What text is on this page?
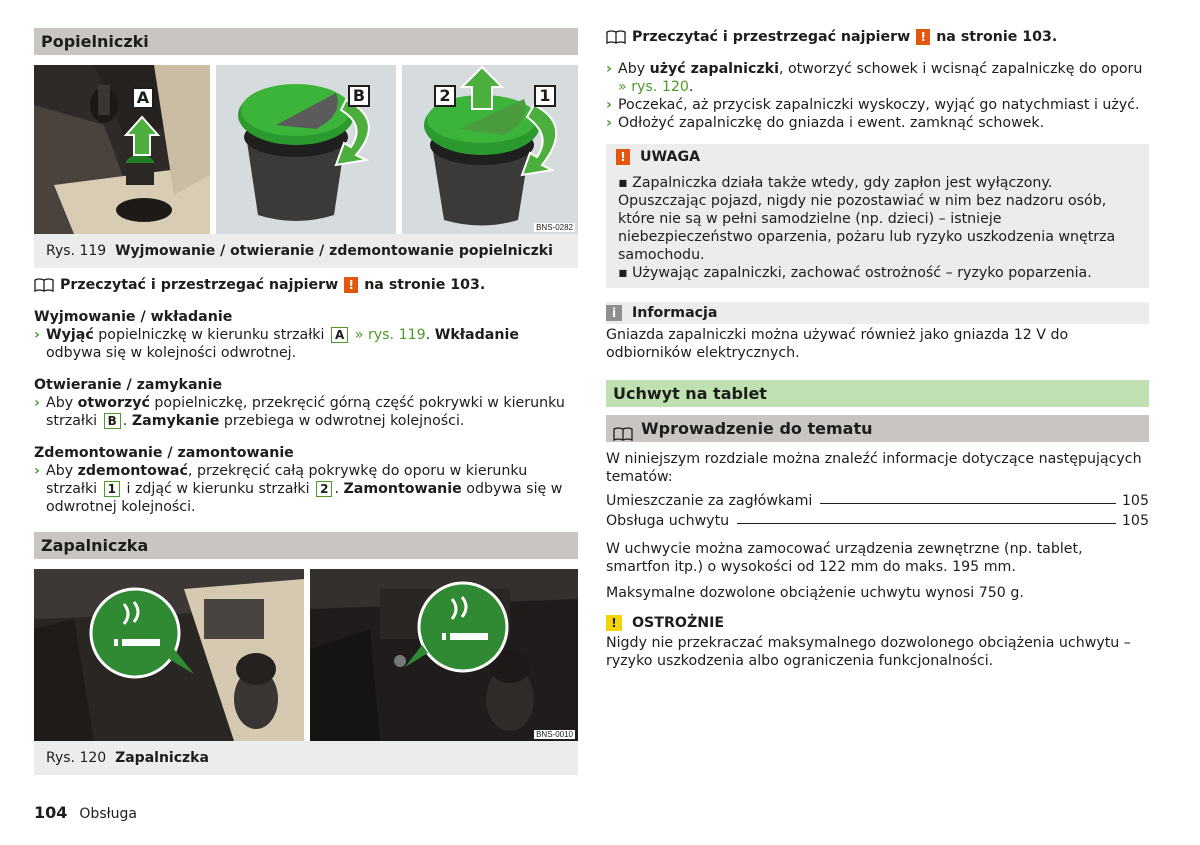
Popielniczki
A	B	2	1
BNS-0282
Rys. 119 Wyjmowanie / otwieranie / zdemontowanie popielniczki
Przeczytać i przestrzegać najpierw ! na stronie 103.
Wyjmowanie / wkładanie
› Wyjąć popielniczkę w kierunku strzałki A » rys. 119. Wkładanie odbywa się w kolejności odwrotnej.
Otwieranie / zamykanie
› Aby otworzyć popielniczkę, przekręcić górną część pokrywki w kierunku strzałki B . Zamykanie przebiega w odwrotnej kolejności.
Zdemontowanie / zamontowanie
› Aby zdemontować, przekręcić całą pokrywkę do oporu w kierunku strzałki 1 i zdjąć w kierunku strzałki 2 . Zamontowanie odbywa się w odwrotnej kolejności.
Zapalniczka
BNS-0010
Rys. 120 Zapalniczka
Przeczytać i przestrzegać najpierw ! na stronie 103.
› Aby użyć zapalniczki, otworzyć schowek i wcisnąć zapalniczkę do oporu » rys. 120.
› Poczekać, aż przycisk zapalniczki wyskoczy, wyjąć go natychmiast i użyć.
› Odłożyć zapalniczkę do gniazda i ewent. zamknąć schowek.
!	UWAGA
▪ Zapalniczka działa także wtedy, gdy zapłon jest wyłączony. Opuszczając pojazd, nigdy nie pozostawiać w nim bez nadzoru osób, które nie są w pełni samodzielne (np. dzieci) – istnieje niebezpieczeństwo oparzenia, pożaru lub ryzyko uszkodzenia wnętrza samochodu.
▪ Używając zapalniczki, zachować ostrożność – ryzyko poparzenia.
i	Informacja
Gniazda zapalniczki można używać również jako gniazda 12 V do odbiorników elektrycznych.
Uchwyt na tablet
Wprowadzenie do tematu
W niniejszym rozdziale można znaleźć informacje dotyczące następujących tematów:
Umieszczanie za zagłówkami	105
Obsługa uchwytu	105
W uchwycie można zamocować urządzenia zewnętrzne (np. tablet, smartfon itp.) o wysokości od 122 mm do maks. 195 mm.
Maksymalne dozwolone obciążenie uchwytu wynosi 750 g.
!	OSTROŻNIE
Nigdy nie przekraczać maksymalnego dozwolonego obciążenia uchwytu – ryzyko uszkodzenia albo ograniczenia funkcjonalności.
104 Obsługa
